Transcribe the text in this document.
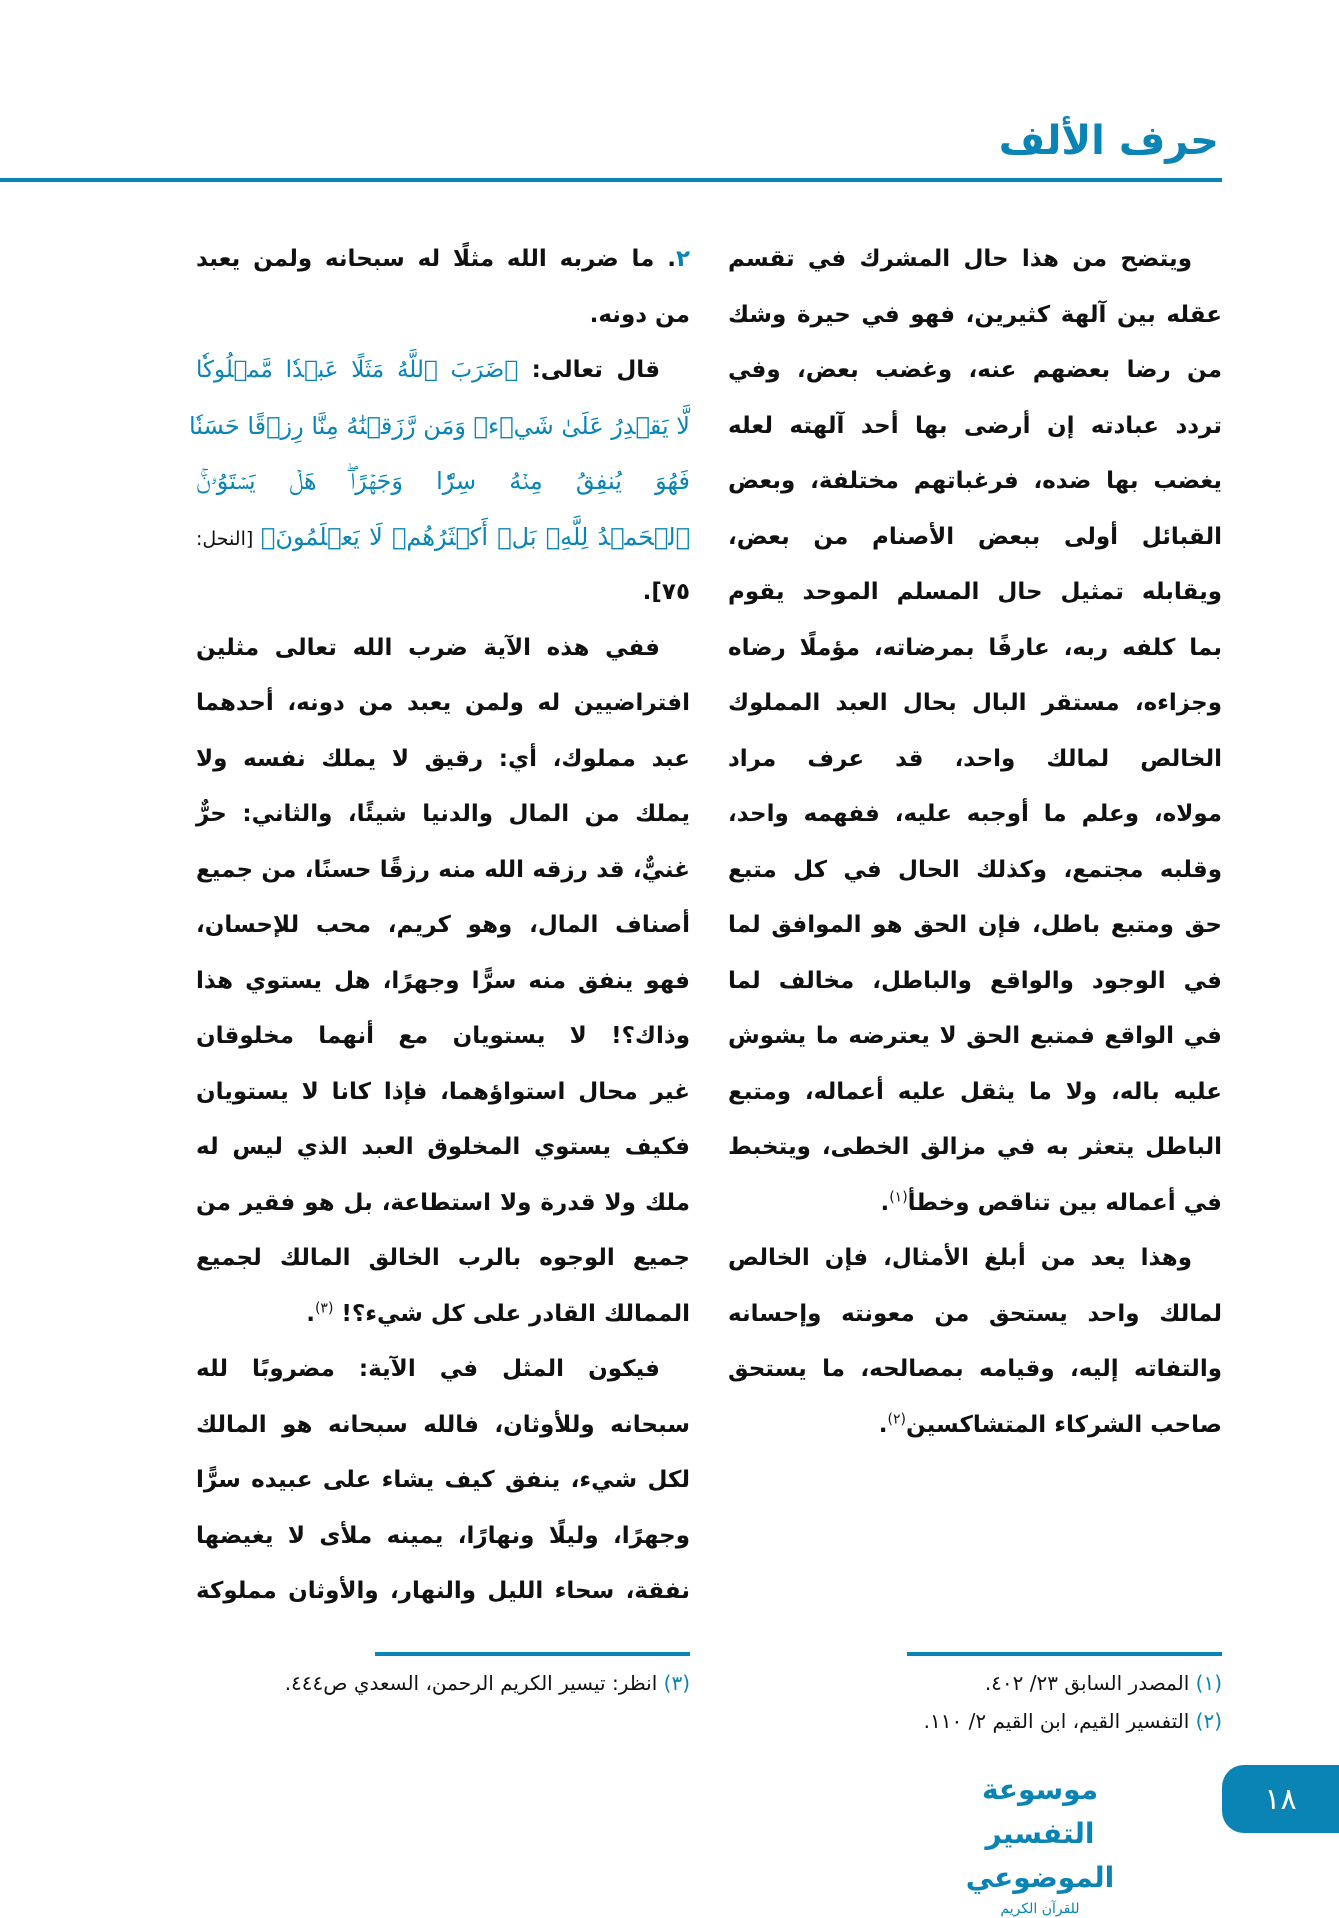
حرف الألف
ويتضح من هذا حال المشرك في تقسم
عقله بين آلهة كثيرين، فهو في حيرة وشك
من رضا بعضهم عنه، وغضب بعض، وفي
تردد عبادته إن أرضى بها أحد آلهته لعله
يغضب بها ضده، فرغباتهم مختلفة، وبعض
القبائل أولى ببعض الأصنام من بعض،
ويقابله تمثيل حال المسلم الموحد يقوم
بما كلفه ربه، عارفًا بمرضاته، مؤملًا رضاه
وجزاءه، مستقر البال بحال العبد المملوك
الخالص لمالك واحد، قد عرف مراد
مولاه، وعلم ما أوجبه عليه، ففهمه واحد،
وقلبه مجتمع، وكذلك الحال في كل متبع
حق ومتبع باطل، فإن الحق هو الموافق لما
في الوجود والواقع والباطل، مخالف لما
في الواقع فمتبع الحق لا يعترضه ما يشوش
عليه باله، ولا ما يثقل عليه أعماله، ومتبع
الباطل يتعثر به في مزالق الخطى، ويتخبط
في أعماله بين تناقص وخطأ$^{(١)}$.
وهذا يعد من أبلغ الأمثال، فإن الخالص
لمالك واحد يستحق من معونته وإحسانه
والتفاته إليه، وقيامه بمصالحه، ما يستحق
صاحب الشركاء المتشاكسين$^{(٢)}$.
٢. ما ضربه الله مثلًا له سبحانه ولمن يعبد
من دونه.
قال تعالى: ﴿ضَرَبَ ٱللَّهُ مَثَلًا عَبۡدٗا مَّمۡلُوكٗا
لَّا يَقۡدِرُ عَلَىٰ شَيۡءٖ وَمَن رَّزَقۡنَٰهُ مِنَّا رِزۡقًا حَسَنٗا
فَهُوَ يُنفِقُ مِنۡهُ سِرّٗا وَجَهۡرًاۖ هَلۡ يَسۡتَوُۥنَۚ
ٱلۡحَمۡدُ لِلَّهِۚ بَلۡ أَكۡثَرُهُمۡ لَا يَعۡلَمُونَ﴾ [النحل:
٧٥].
ففي هذه الآية ضرب الله تعالى مثلين
افتراضيين له ولمن يعبد من دونه، أحدهما
عبد مملوك، أي: رقيق لا يملك نفسه ولا
يملك من المال والدنيا شيئًا، والثاني: حرٌّ
غنيٌّ، قد رزقه الله منه رزقًا حسنًا، من جميع
أصناف المال، وهو كريم، محب للإحسان،
فهو ينفق منه سرًّا وجهرًا، هل يستوي هذا
وذاك؟! لا يستويان مع أنهما مخلوقان
غير محال استواؤهما، فإذا كانا لا يستويان
فكيف يستوي المخلوق العبد الذي ليس له
ملك ولا قدرة ولا استطاعة، بل هو فقير من
جميع الوجوه بالرب الخالق المالك لجميع
الممالك القادر على كل شيء؟! $^{(٣)}$.
فيكون المثل في الآية: مضروبًا لله
سبحانه وللأوثان، فالله سبحانه هو المالك
لكل شيء، ينفق كيف يشاء على عبيده سرًّا
وجهرًا، وليلًا ونهارًا، يمينه ملأى لا يغيضها
نفقة، سحاء الليل والنهار، والأوثان مملوكة
(١) المصدر السابق ٢٣/ ٤٠٢.
(٢) التفسير القيم، ابن القيم ٢/ ١١٠.
(٣) انظر: تيسير الكريم الرحمن، السعدي ص٤٤٤.
موسوعة التفسير الموضوعي
للقرآن الكريم
١٨
